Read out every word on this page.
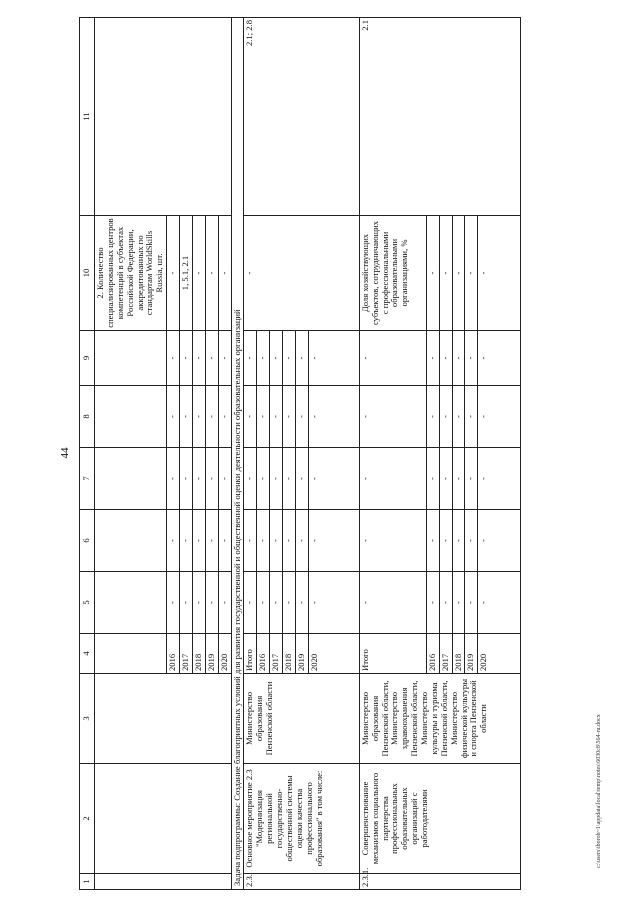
44
1	2	3	4	5	6	7	8	9	10	11
									2. Количество специализированных центров компетенций в субъектах Российской Федерации, аккредитованных по стандартам WorldSkills Russia, шт.	
			2016	-	-	-	-	-	-	
			2017	-	-	-	-	-	1, 5.1, 2.1	
			2018	-	-	-	-	-	-	
			2019	-	-	-	-	-	-	
			2020	-	-	-	-	-	-	
Задача подпрограммы: Создание благоприятных условий для развития государственной и общественной оценки деятельности образовательных организаций										
2.3.	Основное мероприятие 2.3 "Модернизация региональной государственно-общественной системы оценки качества профессионального образования" в том числе:	Министерство образования Пензенской области	Итого	-	-	-	-	-	-	2.1; 2.8
			2016	-	-	-	-	-		
			2017	-	-	-	-	-		
			2018	-	-	-	-	-		
			2019	-	-	-	-	-		
			2020	-	-	-	-	-		
2.3.1.	Совершенствование механизмов социального партнерства профессиональных образовательных организаций с работодателями	Министерство образования Пензенской области, Министерство здравоохранения Пензенской области, Министерство культуры и туризма Пензенской области, Министерство физической культуры и спорта Пензенской области	Итого	-	-	-	-	-	Доля хозяйствующих субъектов, сотрудничающих с профессиональными образовательными организациями, %	2.1
			2016	-	-	-	-	-	-	
			2017	-	-	-	-	-	-	
			2018	-	-	-	-	-	-	
			2019	-	-	-	-	-	-	
			2020	-	-	-	-	-	-	
c:\users\iboroh~1\appdata\local\temp\notes\6030c8\564-ru.docx
